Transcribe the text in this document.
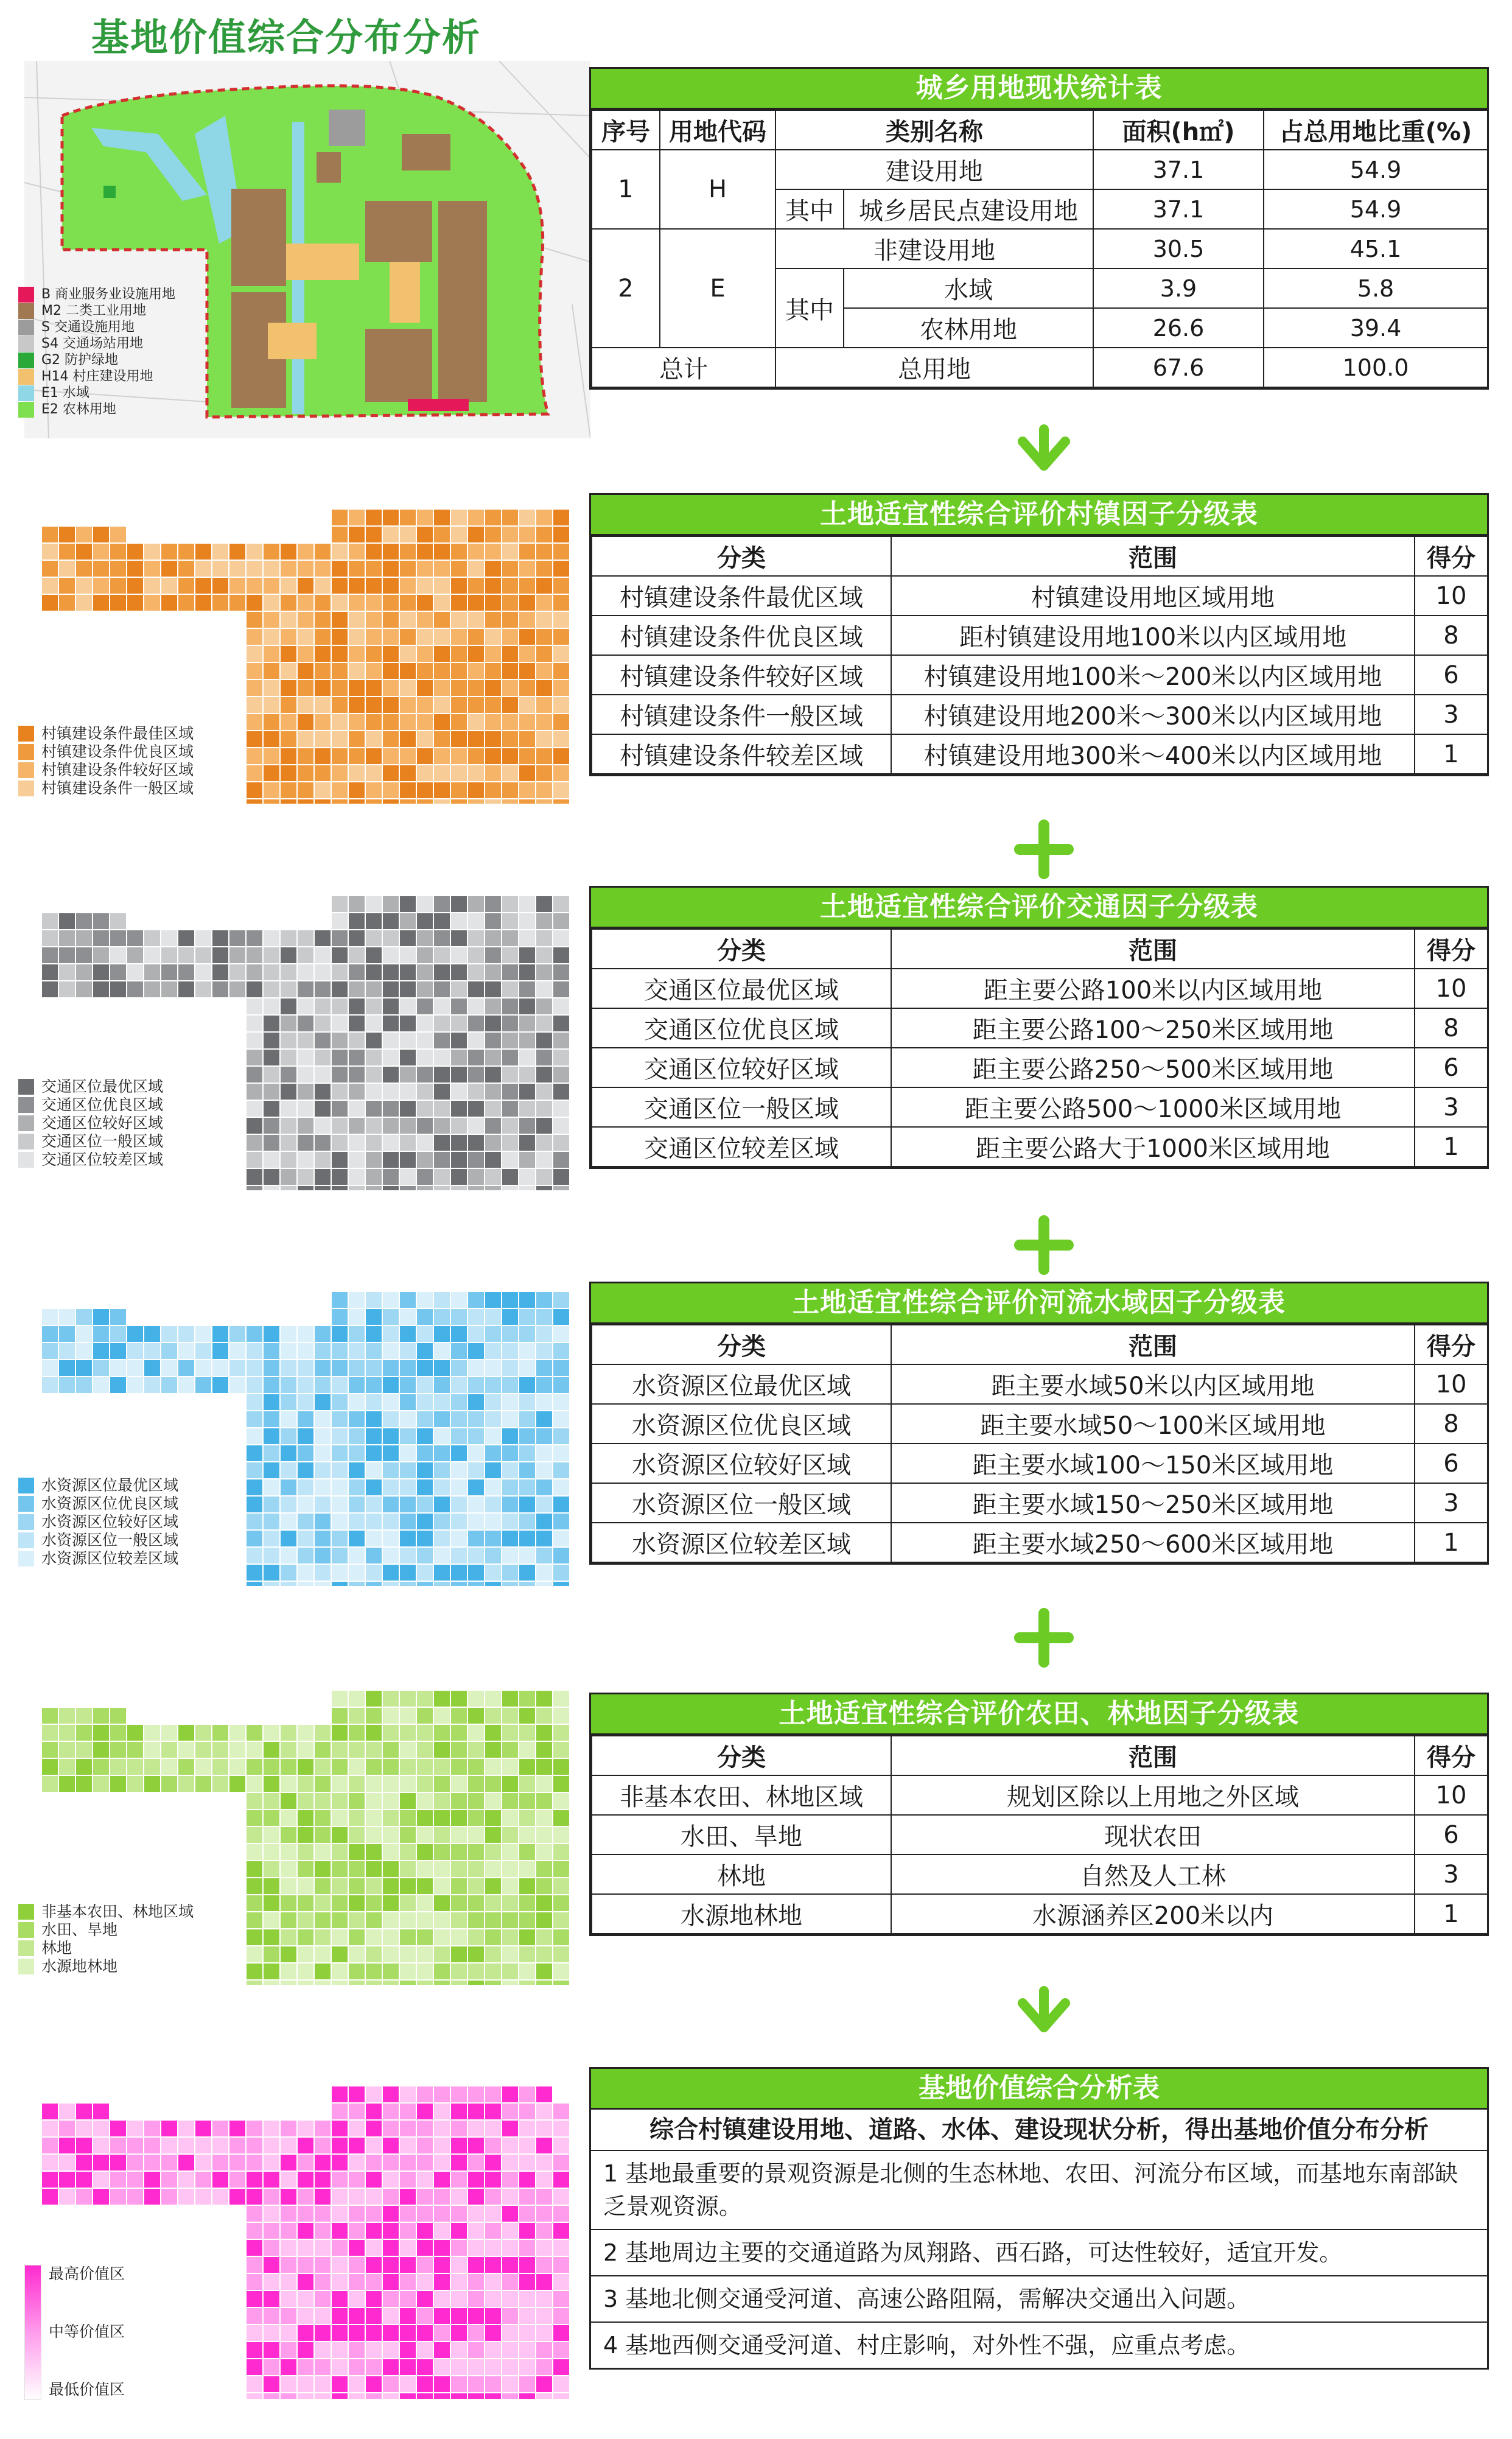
基地价值综合分布分析
B 商业服务业设施用地
M2 二类工业用地
S 交通设施用地
S4 交通场站用地
G2 防护绿地
H14 村庄建设用地
E1 水域
E2 农林用地
村镇建设条件最佳区域
村镇建设条件优良区域
村镇建设条件较好区域
村镇建设条件一般区域
交通区位最优区域
交通区位优良区域
交通区位较好区域
交通区位一般区域
交通区位较差区域
水资源区位最优区域
水资源区位优良区域
水资源区位较好区域
水资源区位一般区域
水资源区位较差区域
非基本农田、林地区域
水田、旱地
林地
水源地林地
最高价值区
中等价值区
最低价值区
城乡用地现状统计表
序号	用地代码	类别名称		面积(h㎡)	占总用地比重(%)
1	H	建设用地		37.1	54.9
		其中	城乡居民点建设用地	37.1	54.9
2	E	非建设用地		30.5	45.1
		其中	水域	3.9	5.8
			农林用地	26.6	39.4
总计		总用地		67.6	100.0
土地适宜性综合评价村镇因子分级表
分类	范围	得分
村镇建设条件最优区域	村镇建设用地区域用地	10
村镇建设条件优良区域	距村镇建设用地100米以内区域用地	8
村镇建设条件较好区域	村镇建设用地100米～200米以内区域用地	6
村镇建设条件一般区域	村镇建设用地200米～300米以内区域用地	3
村镇建设条件较差区域	村镇建设用地300米～400米以内区域用地	1
土地适宜性综合评价交通因子分级表
分类	范围	得分
交通区位最优区域	距主要公路100米以内区域用地	10
交通区位优良区域	距主要公路100～250米区域用地	8
交通区位较好区域	距主要公路250～500米区域用地	6
交通区位一般区域	距主要公路500～1000米区域用地	3
交通区位较差区域	距主要公路大于1000米区域用地	1
土地适宜性综合评价河流水域因子分级表
分类	范围	得分
水资源区位最优区域	距主要水域50米以内区域用地	10
水资源区位优良区域	距主要水域50～100米区域用地	8
水资源区位较好区域	距主要水域100～150米区域用地	6
水资源区位一般区域	距主要水域150～250米区域用地	3
水资源区位较差区域	距主要水域250～600米区域用地	1
土地适宜性综合评价农田、林地因子分级表
分类	范围	得分
非基本农田、林地区域	规划区除以上用地之外区域	10
水田、旱地	现状农田	6
林地	自然及人工林	3
水源地林地	水源涵养区200米以内	1
基地价值综合分析表
综合村镇建设用地、道路、水体、建设现状分析，得出基地价值分布分析
1 基地最重要的景观资源是北侧的生态林地、农田、河流分布区域，而基地东南部缺乏景观资源。
2 基地周边主要的交通道路为凤翔路、西石路，可达性较好，适宜开发。
3 基地北侧交通受河道、高速公路阻隔，需解决交通出入问题。
4 基地西侧交通受河道、村庄影响，对外性不强，应重点考虑。
